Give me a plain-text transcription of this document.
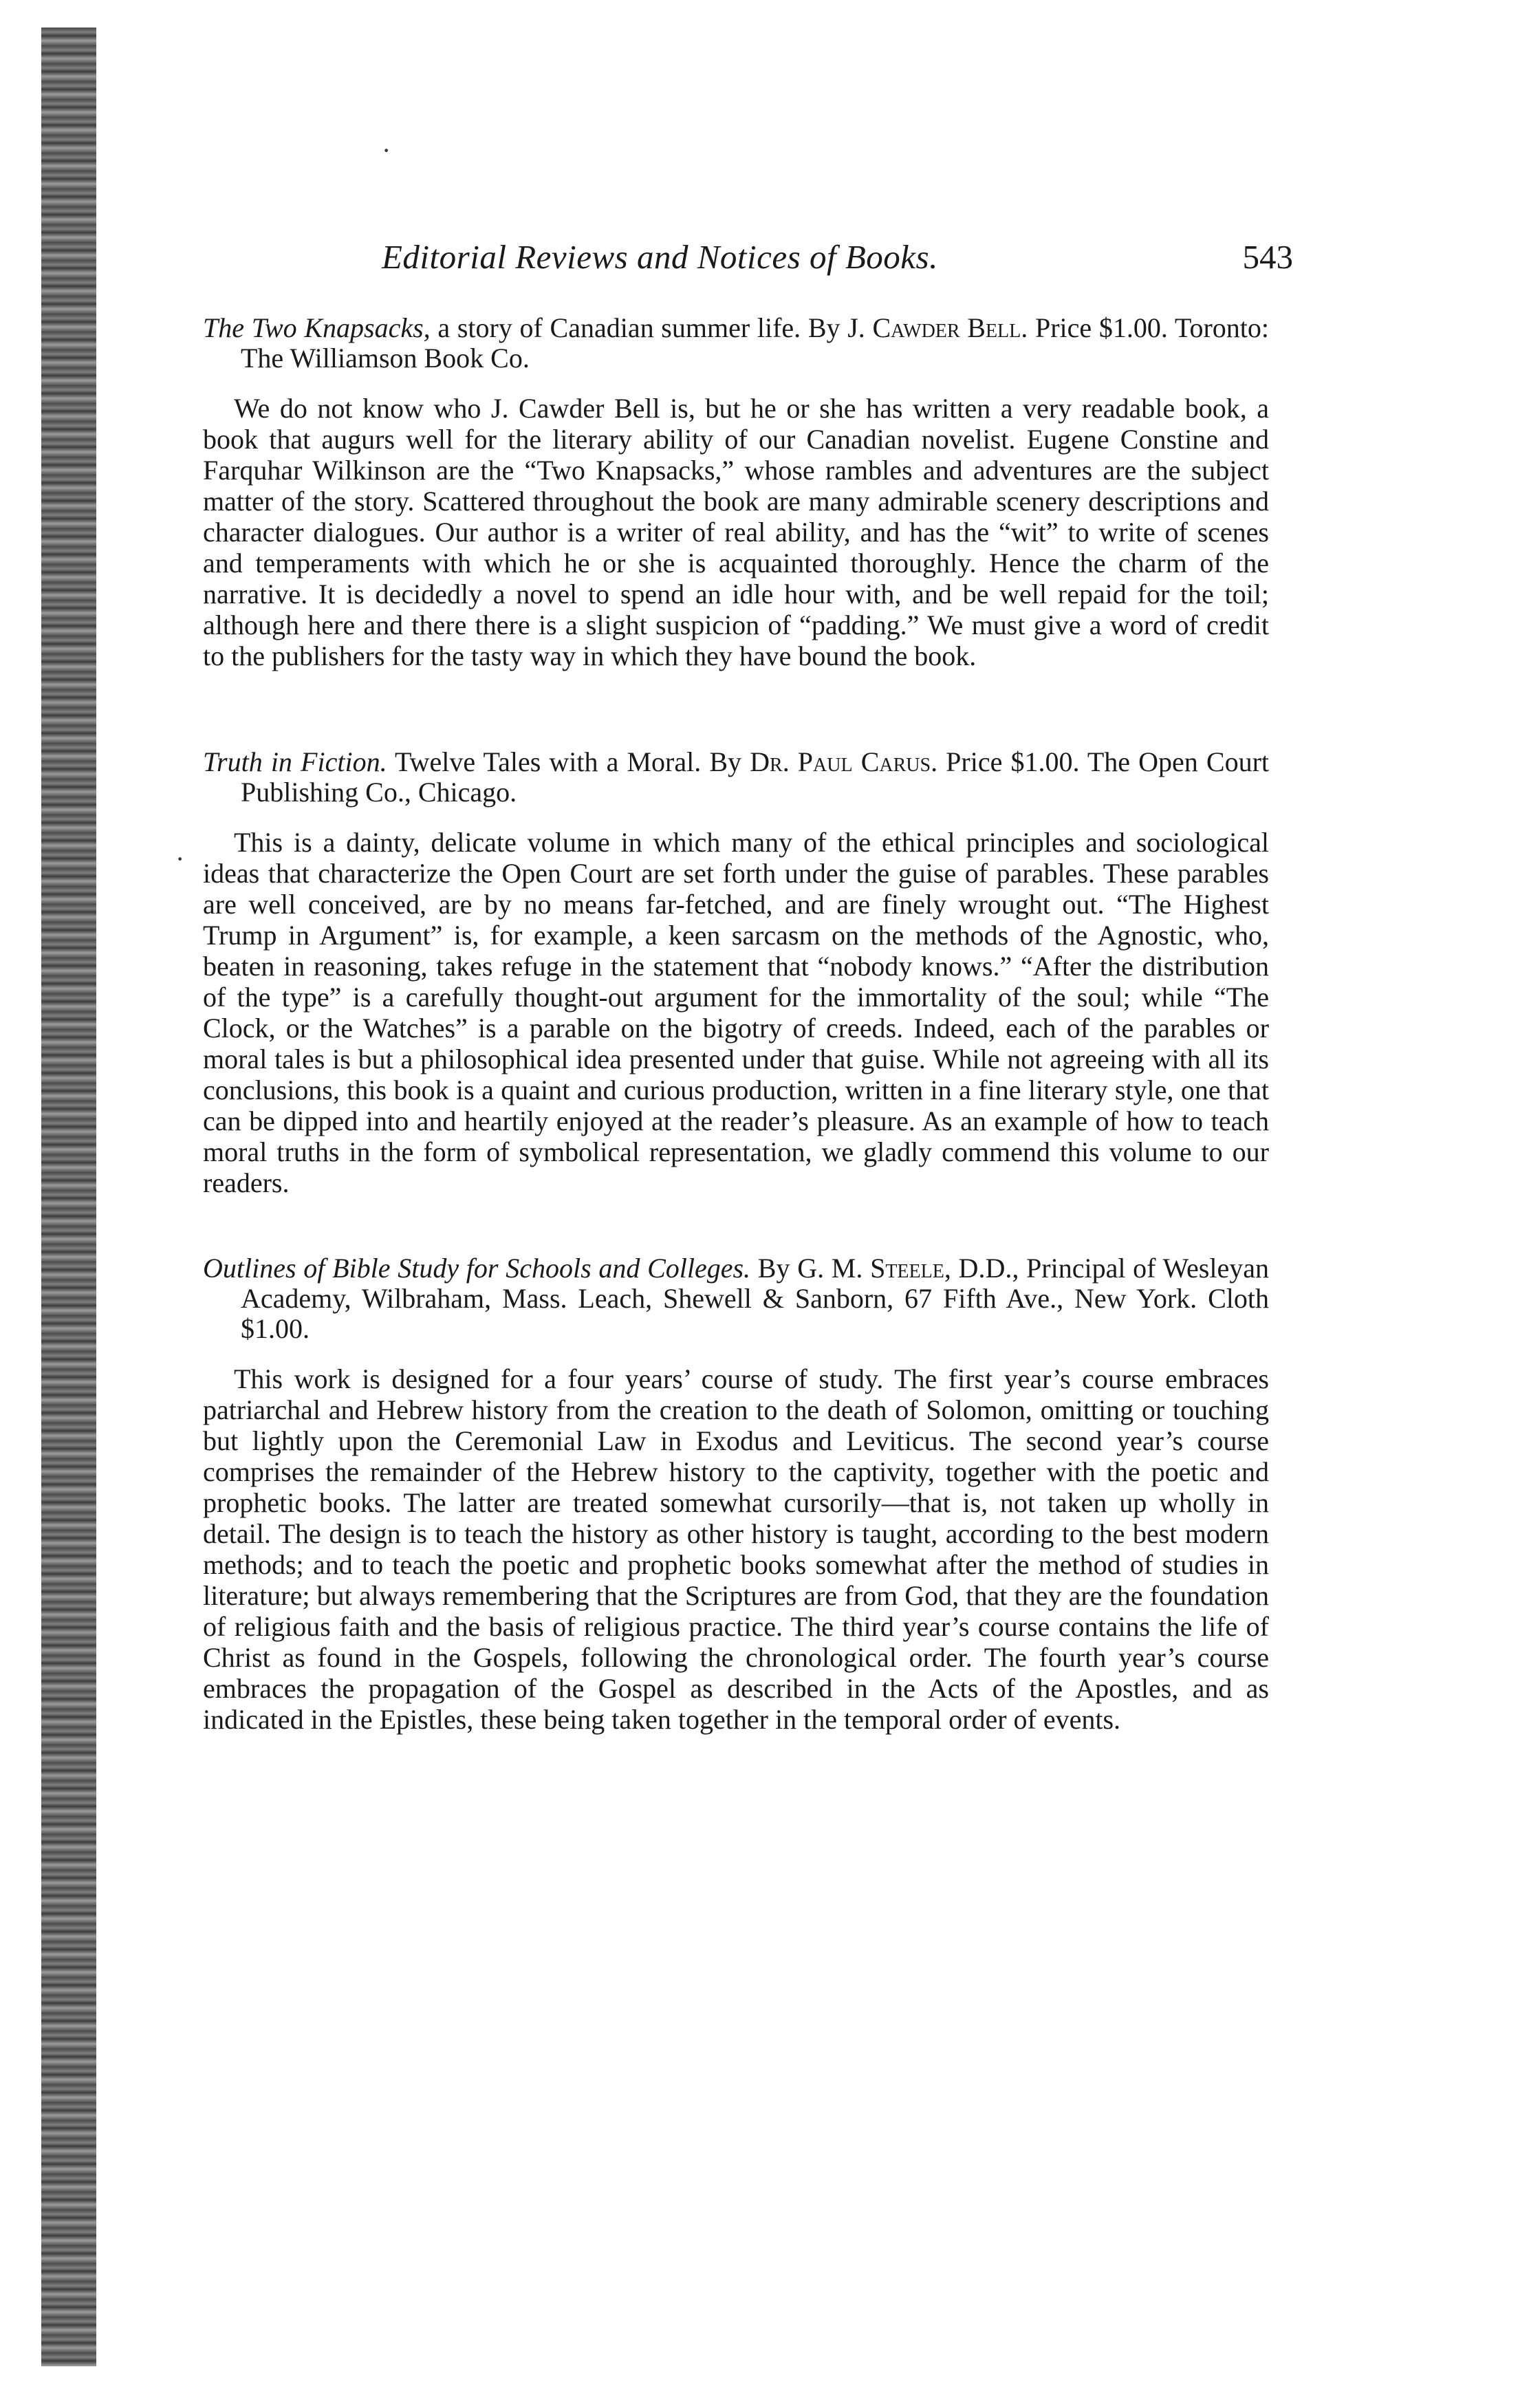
·
·
Editorial Reviews and Notices of Books.	543

The Two Knapsacks, a story of Canadian summer life. By J. Cawder Bell. Price $1.00. Toronto: The Williamson Book Co.

We do not know who J. Cawder Bell is, but he or she has written a very readable book, a book that augurs well for the literary ability of our Canadian novelist. Eugene Constine and Farquhar Wilkinson are the “Two Knapsacks,” whose rambles and adventures are the subject matter of the story. Scattered throughout the book are many admirable scenery descriptions and character dialogues. Our author is a writer of real ability, and has the “wit” to write of scenes and temperaments with which he or she is acquainted thoroughly. Hence the charm of the narrative. It is decidedly a novel to spend an idle hour with, and be well repaid for the toil; although here and there there is a slight suspicion of “padding.” We must give a word of credit to the publishers for the tasty way in which they have bound the book.

Truth in Fiction. Twelve Tales with a Moral. By Dr. Paul Carus. Price $1.00. The Open Court Publishing Co., Chicago.

This is a dainty, delicate volume in which many of the ethical principles and sociological ideas that characterize the Open Court are set forth under the guise of parables. These parables are well conceived, are by no means far-fetched, and are finely wrought out. “The Highest Trump in Argument” is, for example, a keen sarcasm on the methods of the Agnostic, who, beaten in reasoning, takes refuge in the statement that “nobody knows.” “After the distribution of the type” is a carefully thought-out argument for the immortality of the soul; while “The Clock, or the Watches” is a parable on the bigotry of creeds. Indeed, each of the parables or moral tales is but a philosophical idea presented under that guise. While not agreeing with all its conclusions, this book is a quaint and curious production, written in a fine literary style, one that can be dipped into and heartily enjoyed at the reader’s pleasure. As an example of how to teach moral truths in the form of symbolical representation, we gladly commend this volume to our readers.

Outlines of Bible Study for Schools and Colleges. By G. M. Steele, D.D., Principal of Wesleyan Academy, Wilbraham, Mass. Leach, Shewell & Sanborn, 67 Fifth Ave., New York. Cloth $1.00.

This work is designed for a four years’ course of study. The first year’s course embraces patriarchal and Hebrew history from the creation to the death of Solomon, omitting or touching but lightly upon the Ceremonial Law in Exodus and Leviticus. The second year’s course comprises the remainder of the Hebrew history to the captivity, together with the poetic and prophetic books. The latter are treated somewhat cursorily—that is, not taken up wholly in detail. The design is to teach the history as other history is taught, according to the best modern methods; and to teach the poetic and prophetic books somewhat after the method of studies in literature; but always remembering that the Scriptures are from God, that they are the foundation of religious faith and the basis of religious practice. The third year’s course contains the life of Christ as found in the Gospels, following the chronological order. The fourth year’s course embraces the propagation of the Gospel as described in the Acts of the Apostles, and as indicated in the Epistles, these being taken together in the temporal order of events.
